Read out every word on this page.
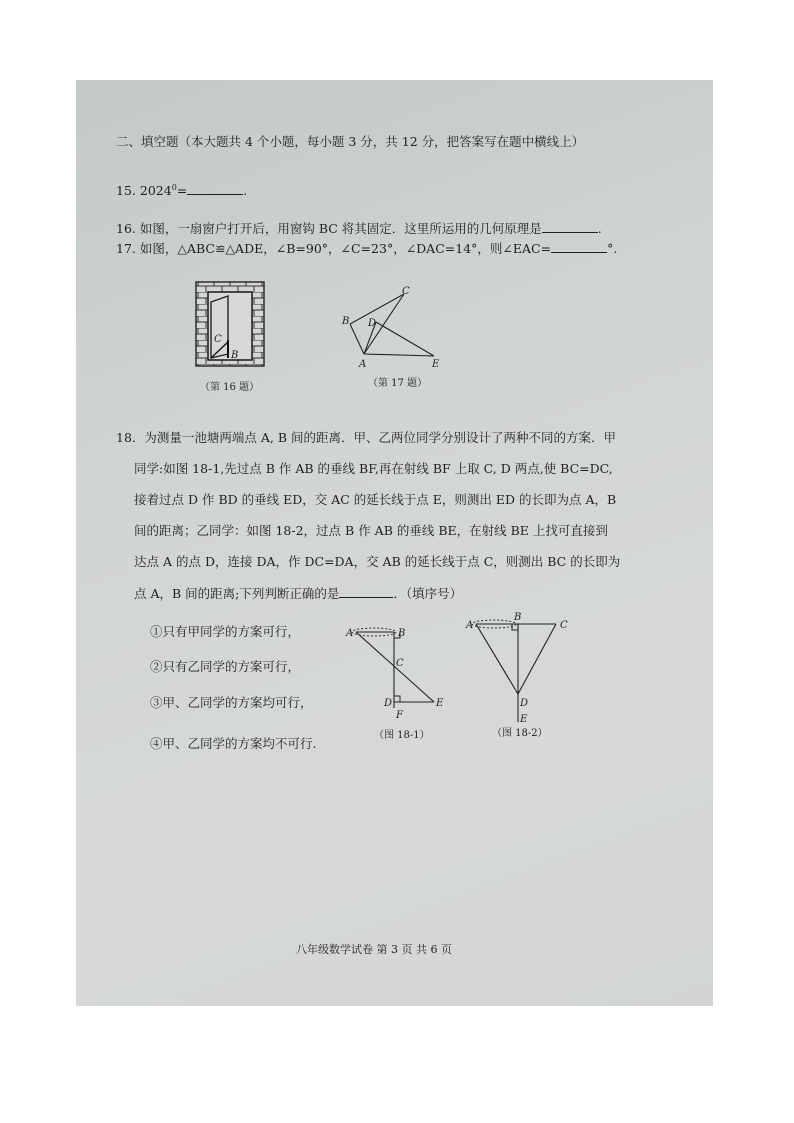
二、填空题（本大题共 4 个小题，每小题 3 分，共 12 分，把答案写在题中横线上）
15. $2024^0=$	.
16. 如图，一扇窗户打开后，用窗钩 BC 将其固定．这里所运用的几何原理是	.
17. 如图，△ABC≌△ADE，∠B=90°，∠C=23°，∠DAC=14°，则∠EAC=	°.
C
B
（第 16 题）
C
B D
A	E
（第 17 题）
18．为测量一池塘两端点 A, B 间的距离．甲、乙两位同学分别设计了两种不同的方案．甲
同学:如图 18-1,先过点 B 作 AB 的垂线 BF,再在射线 BF 上取 C, D 两点,使 BC=DC,
接着过点 D 作 BD 的垂线 ED，交 AC 的延长线于点 E，则测出 ED 的长即为点 A，B
间的距离；乙同学：如图 18-2，过点 B 作 AB 的垂线 BE，在射线 BE 上找可直接到
达点 A 的点 D，连接 DA，作 DC=DA，交 AB 的延长线于点 C，则测出 BC 的长即为
点 A，B 间的距离;下列判断正确的是	．（填序号）
①只有甲同学的方案可行，
②只有乙同学的方案可行，
③甲、乙同学的方案均可行，
④甲、乙同学的方案均不可行.
A	B
C
D	E
F
（图 18-1）
A
B
C
D
E
（图 18-2）
八年级数学试卷 第 3 页 共 6 页
